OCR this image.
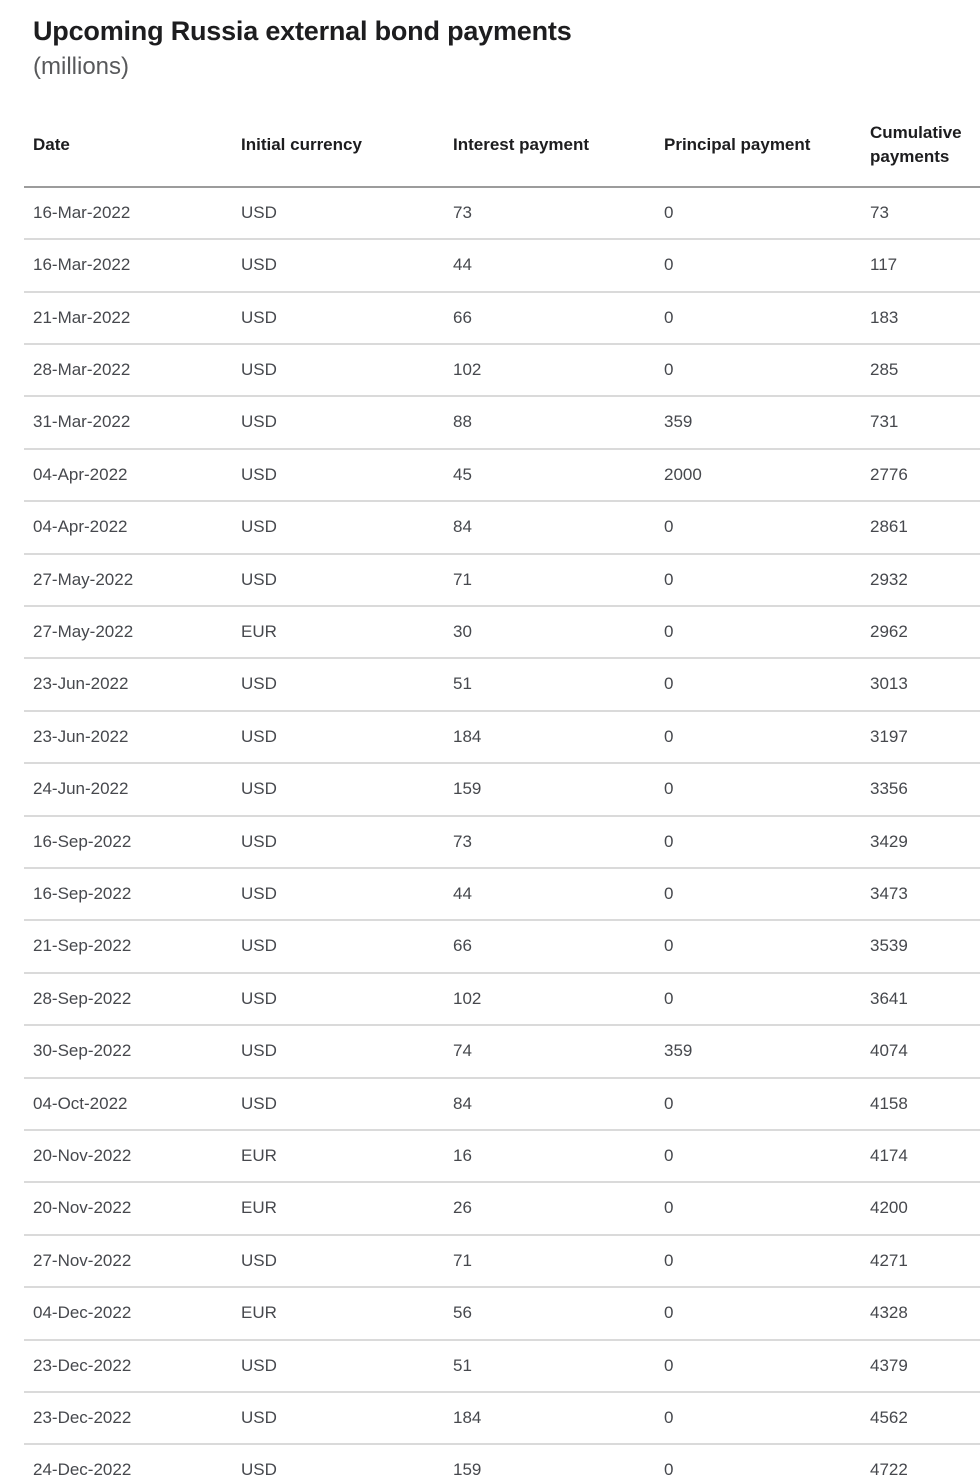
Upcoming Russia external bond payments
(millions)
Date	Initial currency	Interest payment	Principal payment	Cumulative payments
16-Mar-2022	USD	73	0	73
16-Mar-2022	USD	44	0	117
21-Mar-2022	USD	66	0	183
28-Mar-2022	USD	102	0	285
31-Mar-2022	USD	88	359	731
04-Apr-2022	USD	45	2000	2776
04-Apr-2022	USD	84	0	2861
27-May-2022	USD	71	0	2932
27-May-2022	EUR	30	0	2962
23-Jun-2022	USD	51	0	3013
23-Jun-2022	USD	184	0	3197
24-Jun-2022	USD	159	0	3356
16-Sep-2022	USD	73	0	3429
16-Sep-2022	USD	44	0	3473
21-Sep-2022	USD	66	0	3539
28-Sep-2022	USD	102	0	3641
30-Sep-2022	USD	74	359	4074
04-Oct-2022	USD	84	0	4158
20-Nov-2022	EUR	16	0	4174
20-Nov-2022	EUR	26	0	4200
27-Nov-2022	USD	71	0	4271
04-Dec-2022	EUR	56	0	4328
23-Dec-2022	USD	51	0	4379
23-Dec-2022	USD	184	0	4562
24-Dec-2022	USD	159	0	4722
